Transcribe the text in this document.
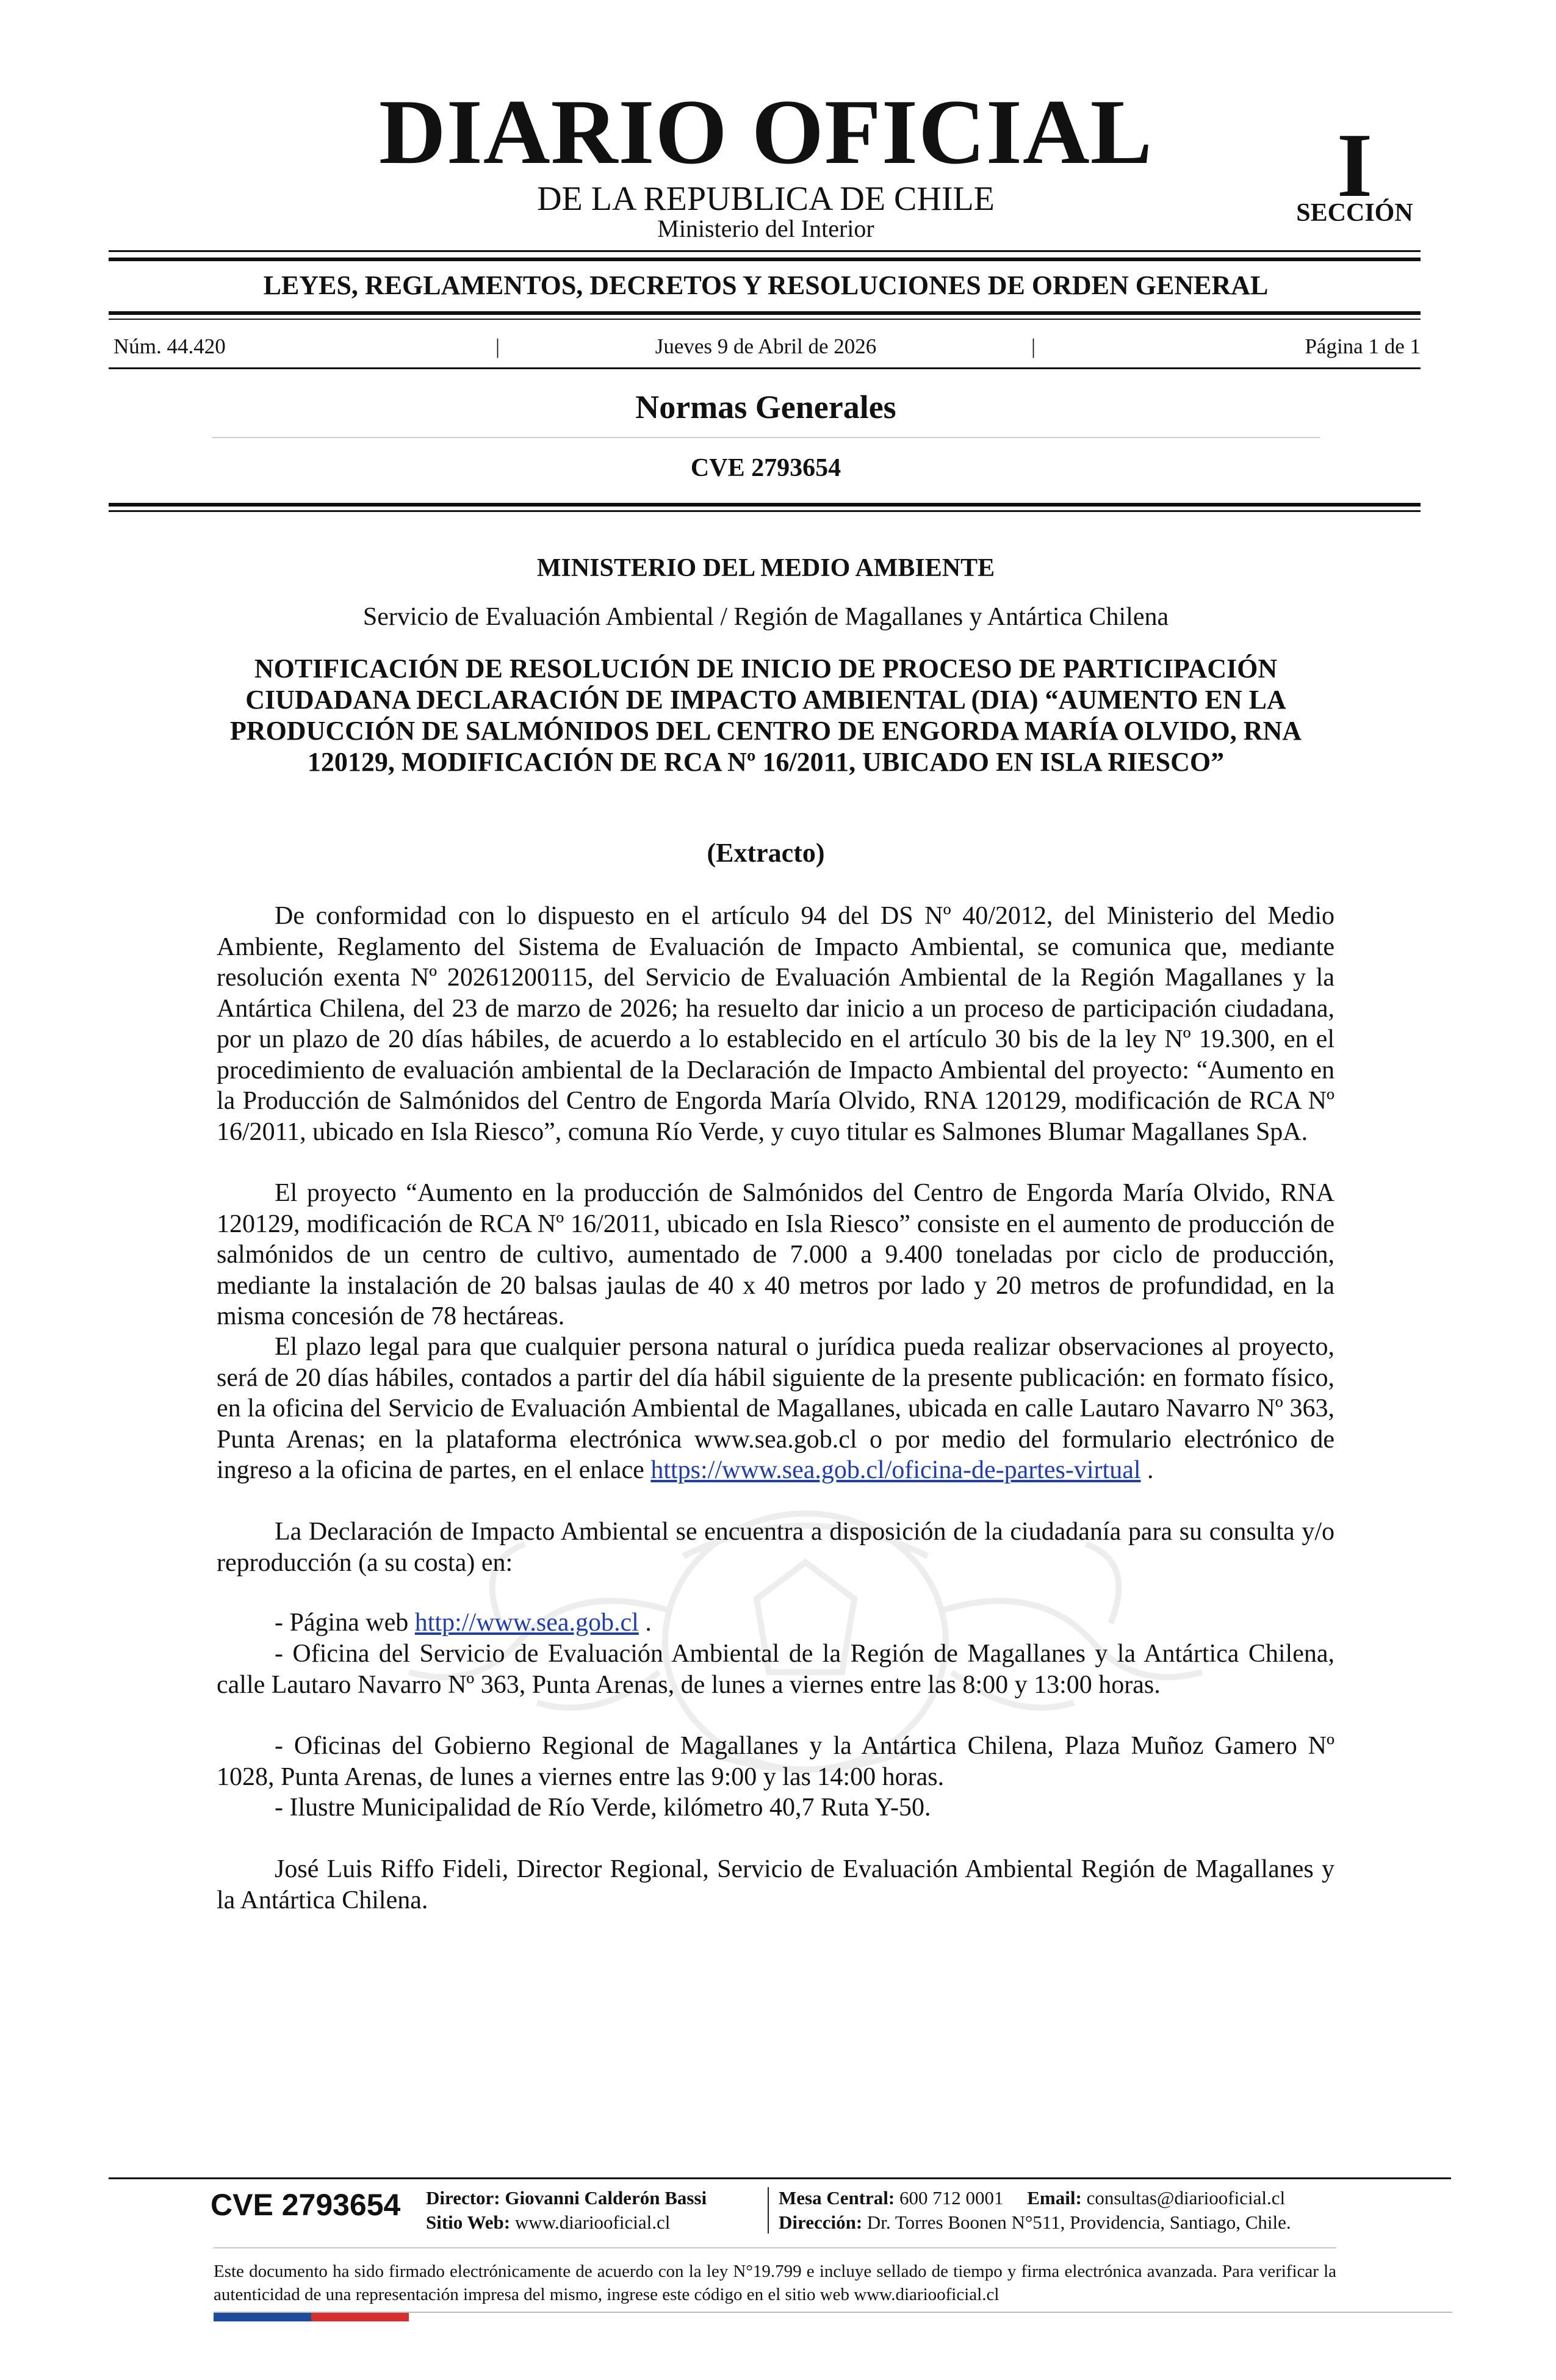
DIARIO OFICIAL
DE LA REPUBLICA DE CHILE
Ministerio del Interior
I
SECCIÓN
LEYES, REGLAMENTOS, DECRETOS Y RESOLUCIONES DE ORDEN GENERAL
Núm. 44.420	|	Jueves 9 de Abril de 2026	|	Página 1 de 1
Normas Generales
CVE 2793654
MINISTERIO DEL MEDIO AMBIENTE
Servicio de Evaluación Ambiental / Región de Magallanes y Antártica Chilena
NOTIFICACIÓN DE RESOLUCIÓN DE INICIO DE PROCESO DE PARTICIPACIÓN CIUDADANA DECLARACIÓN DE IMPACTO AMBIENTAL (DIA) “AUMENTO EN LA PRODUCCIÓN DE SALMÓNIDOS DEL CENTRO DE ENGORDA MARÍA OLVIDO, RNA 120129, MODIFICACIÓN DE RCA Nº 16/2011, UBICADO EN ISLA RIESCO”
(Extracto)

De conformidad con lo dispuesto en el artículo 94 del DS Nº 40/2012, del Ministerio del Medio Ambiente, Reglamento del Sistema de Evaluación de Impacto Ambiental, se comunica que, mediante resolución exenta Nº 20261200115, del Servicio de Evaluación Ambiental de la Región Magallanes y la Antártica Chilena, del 23 de marzo de 2026; ha resuelto dar inicio a un proceso de participación ciudadana, por un plazo de 20 días hábiles, de acuerdo a lo establecido en el artículo 30 bis de la ley Nº 19.300, en el procedimiento de evaluación ambiental de la Declaración de Impacto Ambiental del proyecto: “Aumento en la Producción de Salmónidos del Centro de Engorda María Olvido, RNA 120129, modificación de RCA Nº 16/2011, ubicado en Isla Riesco”, comuna Río Verde, y cuyo titular es Salmones Blumar Magallanes SpA.

El proyecto “Aumento en la producción de Salmónidos del Centro de Engorda María Olvido, RNA 120129, modificación de RCA Nº 16/2011, ubicado en Isla Riesco” consiste en el aumento de producción de salmónidos de un centro de cultivo, aumentado de 7.000 a 9.400 toneladas por ciclo de producción, mediante la instalación de 20 balsas jaulas de 40 x 40 metros por lado y 20 metros de profundidad, en la misma concesión de 78 hectáreas.

El plazo legal para que cualquier persona natural o jurídica pueda realizar observaciones al proyecto, será de 20 días hábiles, contados a partir del día hábil siguiente de la presente publicación: en formato físico, en la oficina del Servicio de Evaluación Ambiental de Magallanes, ubicada en calle Lautaro Navarro Nº 363, Punta Arenas; en la plataforma electrónica www.sea.gob.cl o por medio del formulario electrónico de ingreso a la oficina de partes, en el enlace https://www.sea.gob.cl/oficina-de-partes-virtual .

La Declaración de Impacto Ambiental se encuentra a disposición de la ciudadanía para su consulta y/o reproducción (a su costa) en:

- Página web http://www.sea.gob.cl .

- Oficina del Servicio de Evaluación Ambiental de la Región de Magallanes y la Antártica Chilena, calle Lautaro Navarro Nº 363, Punta Arenas, de lunes a viernes entre las 8:00 y 13:00 horas.

- Oficinas del Gobierno Regional de Magallanes y la Antártica Chilena, Plaza Muñoz Gamero Nº 1028, Punta Arenas, de lunes a viernes entre las 9:00 y las 14:00 horas.

- Ilustre Municipalidad de Río Verde, kilómetro 40,7 Ruta Y-50.

José Luis Riffo Fideli, Director Regional, Servicio de Evaluación Ambiental Región de Magallanes y la Antártica Chilena.

CVE 2793654 Director: Giovanni Calderón Bassi
Sitio Web: www.diariooficial.cl
Mesa Central: 600 712 0001 Email: consultas@diariooficial.cl
Dirección: Dr. Torres Boonen N°511, Providencia, Santiago, Chile.
Este documento ha sido firmado electrónicamente de acuerdo con la ley N°19.799 e incluye sellado de tiempo y firma electrónica avanzada. Para verificar la autenticidad de una representación impresa del mismo, ingrese este código en el sitio web www.diariooficial.cl
